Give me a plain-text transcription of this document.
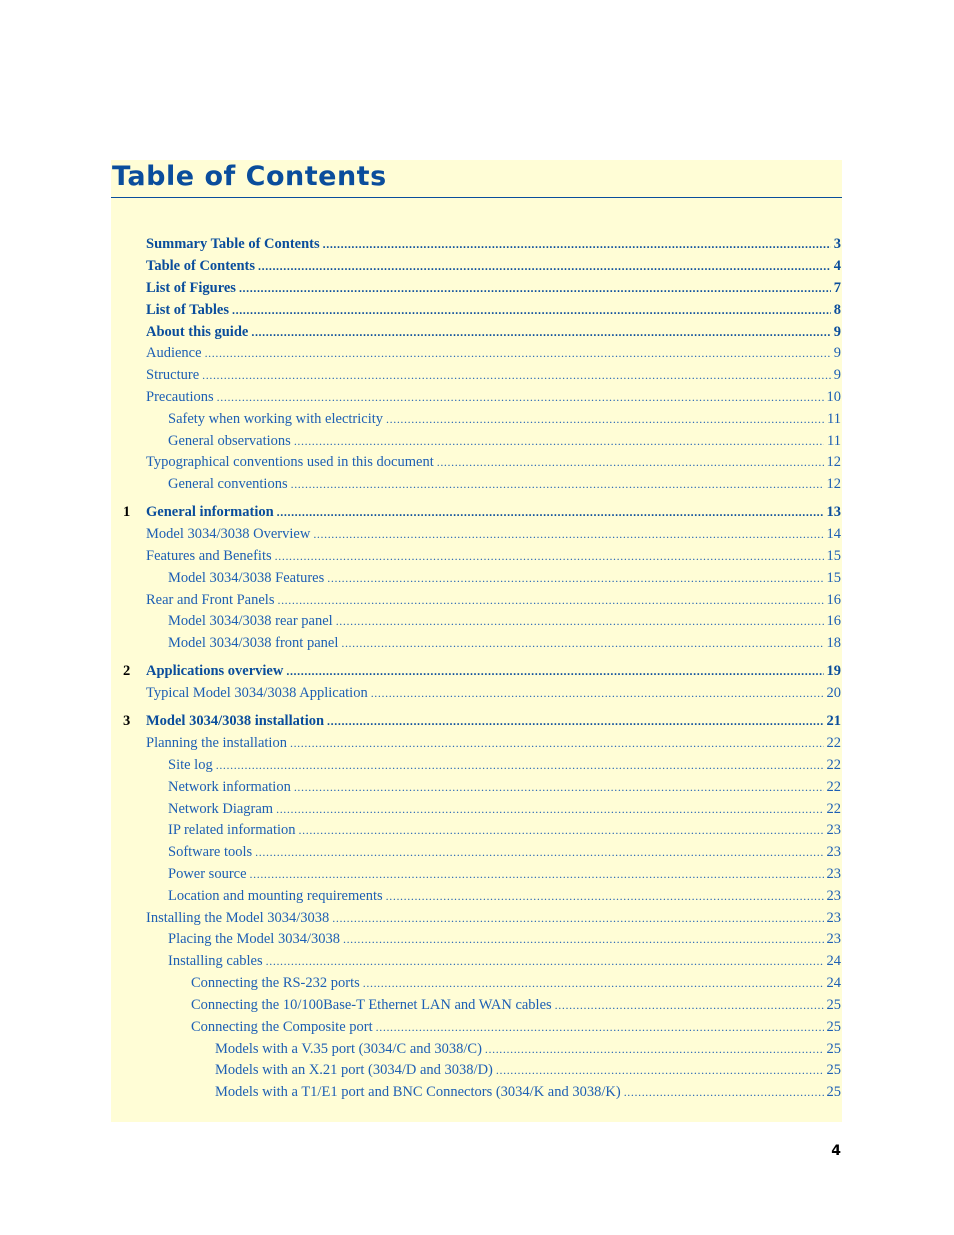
Table of Contents
Summary Table of Contents .....	3
Table of Contents .....	4
List of Figures .....	7
List of Tables .....	8
About this guide .....	9
Audience .....	9
Structure .....	9
Precautions .....	10
Safety when working with electricity .....	11
General observations .....	11
Typographical conventions used in this document .....	12
General conventions .....	12
1	General information .....	13
Model 3034/3038 Overview .....	14
Features and Benefits .....	15
Model 3034/3038 Features .....	15
Rear and Front Panels .....	16
Model 3034/3038 rear panel .....	16
Model 3034/3038 front panel .....	18
2	Applications overview .....	19
Typical Model 3034/3038 Application .....	20
3	Model 3034/3038 installation .....	21
Planning the installation .....	22
Site log .....	22
Network information .....	22
Network Diagram .....	22
IP related information .....	23
Software tools .....	23
Power source .....	23
Location and mounting requirements .....	23
Installing the Model 3034/3038 .....	23
Placing the Model 3034/3038 .....	23
Installing cables .....	24
Connecting the RS-232 ports .....	24
Connecting the 10/100Base-T Ethernet LAN and WAN cables .....	25
Connecting the Composite port .....	25
Models with a V.35 port (3034/C and 3038/C) .....	25
Models with an X.21 port (3034/D and 3038/D) .....	25
Models with a T1/E1 port and BNC Connectors (3034/K and 3038/K) .....	25
4
